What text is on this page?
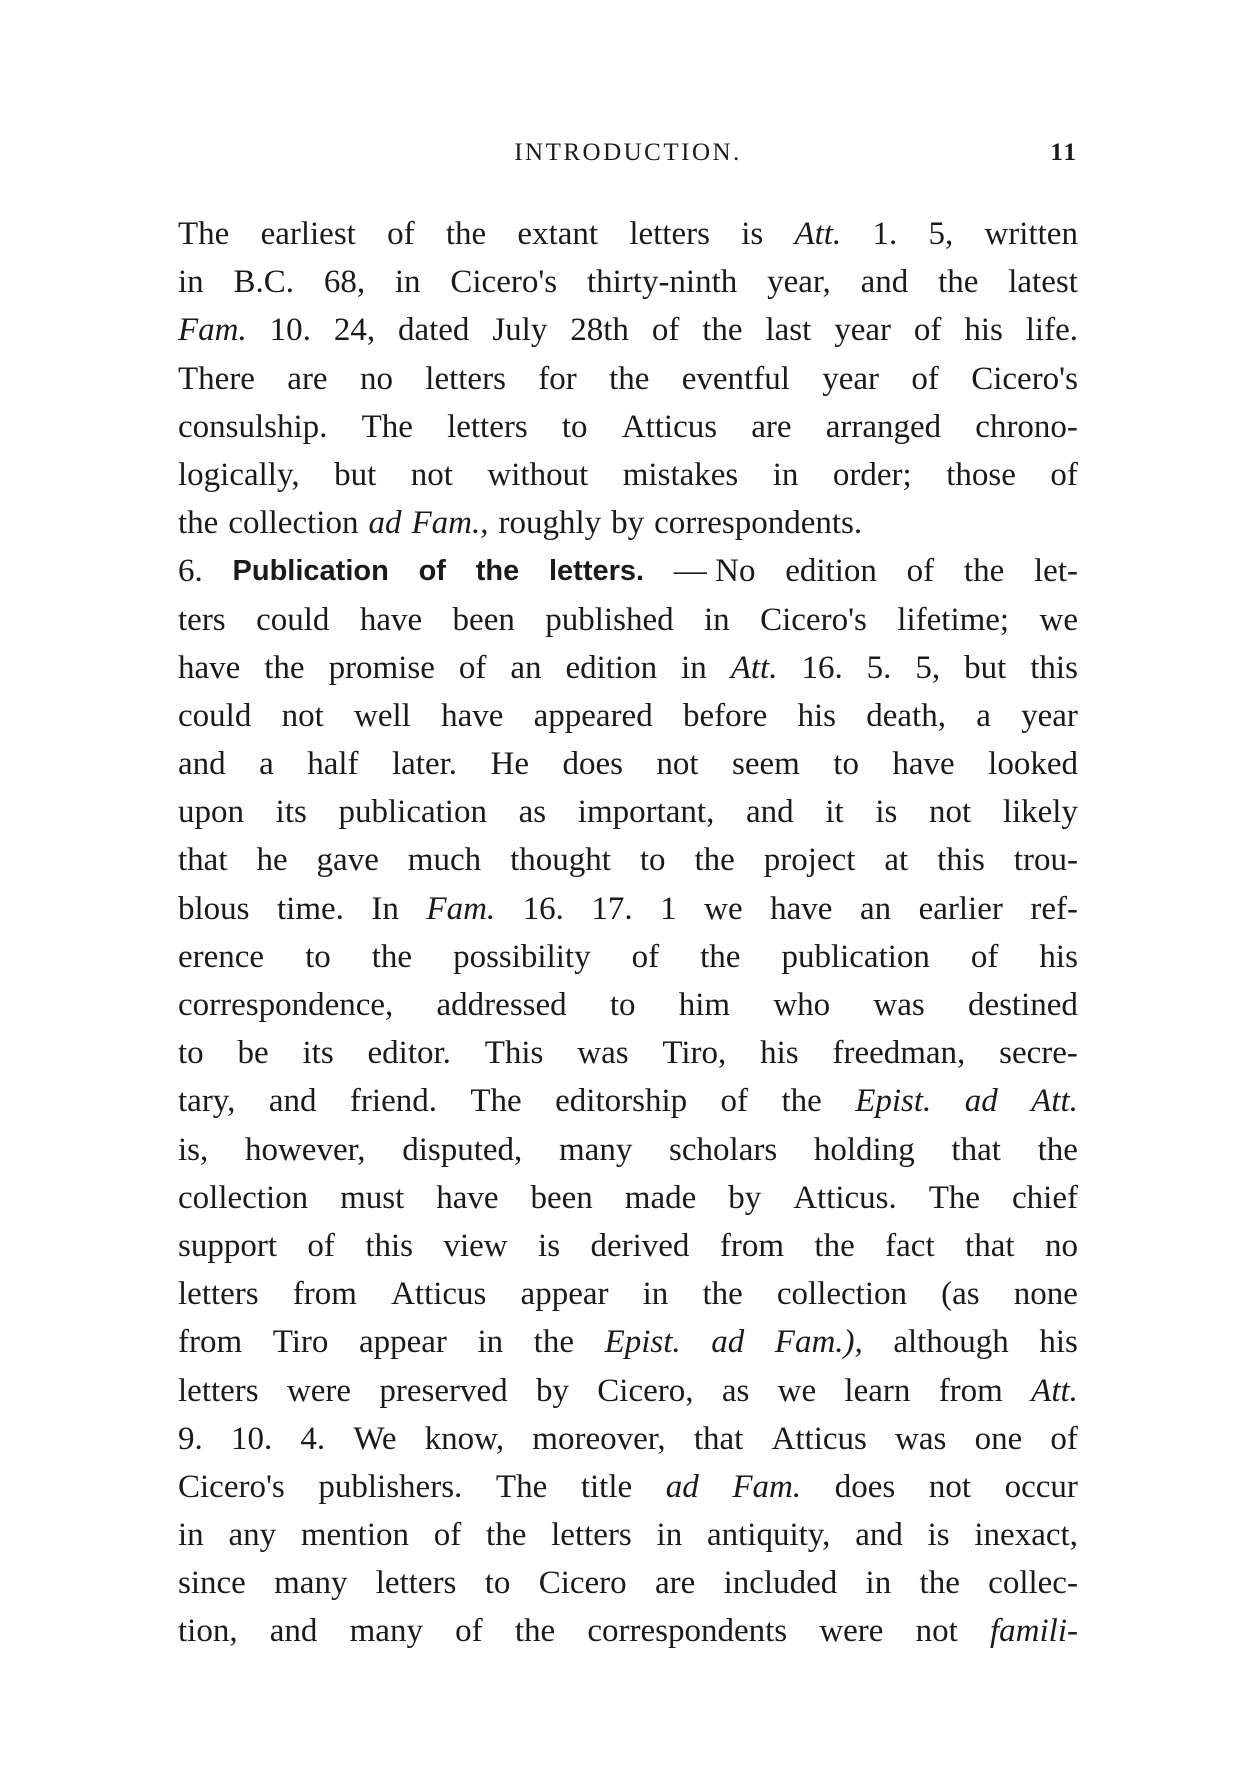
INTRODUCTION.	11
The earliest of the extant letters is Att. 1. 5, written
in B.C. 68, in Cicero's thirty-ninth year, and the latest
Fam. 10. 24, dated July 28th of the last year of his life.
There are no letters for the eventful year of Cicero's
consulship. The letters to Atticus are arranged chrono-
logically, but not without mistakes in order; those of
the collection ad Fam., roughly by correspondents.
6. Publication of the letters. — No edition of the let-
ters could have been published in Cicero's lifetime; we
have the promise of an edition in Att. 16. 5. 5, but this
could not well have appeared before his death, a year
and a half later. He does not seem to have looked
upon its publication as important, and it is not likely
that he gave much thought to the project at this trou-
blous time. In Fam. 16. 17. 1 we have an earlier ref-
erence to the possibility of the publication of his
correspondence, addressed to him who was destined
to be its editor. This was Tiro, his freedman, secre-
tary, and friend. The editorship of the Epist. ad Att.
is, however, disputed, many scholars holding that the
collection must have been made by Atticus. The chief
support of this view is derived from the fact that no
letters from Atticus appear in the collection (as none
from Tiro appear in the Epist. ad Fam.), although his
letters were preserved by Cicero, as we learn from Att.
9. 10. 4. We know, moreover, that Atticus was one of
Cicero's publishers. The title ad Fam. does not occur
in any mention of the letters in antiquity, and is inexact,
since many letters to Cicero are included in the collec-
tion, and many of the correspondents were not famili-
